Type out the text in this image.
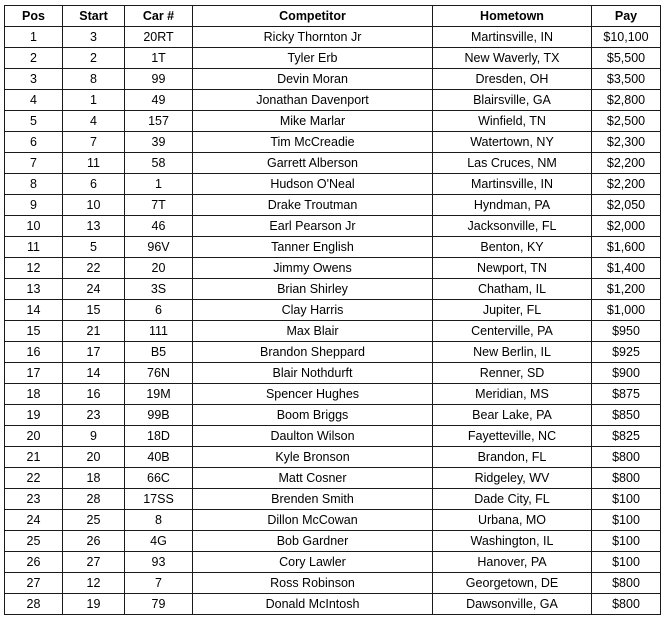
Pos	Start	Car #	Competitor	Hometown	Pay
1	3	20RT	Ricky Thornton Jr	Martinsville, IN	$10,100
2	2	1T	Tyler Erb	New Waverly, TX	$5,500
3	8	99	Devin Moran	Dresden, OH	$3,500
4	1	49	Jonathan Davenport	Blairsville, GA	$2,800
5	4	157	Mike Marlar	Winfield, TN	$2,500
6	7	39	Tim McCreadie	Watertown, NY	$2,300
7	11	58	Garrett Alberson	Las Cruces, NM	$2,200
8	6	1	Hudson O'Neal	Martinsville, IN	$2,200
9	10	7T	Drake Troutman	Hyndman, PA	$2,050
10	13	46	Earl Pearson Jr	Jacksonville, FL	$2,000
11	5	96V	Tanner English	Benton, KY	$1,600
12	22	20	Jimmy Owens	Newport, TN	$1,400
13	24	3S	Brian Shirley	Chatham, IL	$1,200
14	15	6	Clay Harris	Jupiter, FL	$1,000
15	21	111	Max Blair	Centerville, PA	$950
16	17	B5	Brandon Sheppard	New Berlin, IL	$925
17	14	76N	Blair Nothdurft	Renner, SD	$900
18	16	19M	Spencer Hughes	Meridian, MS	$875
19	23	99B	Boom Briggs	Bear Lake, PA	$850
20	9	18D	Daulton Wilson	Fayetteville, NC	$825
21	20	40B	Kyle Bronson	Brandon, FL	$800
22	18	66C	Matt Cosner	Ridgeley, WV	$800
23	28	17SS	Brenden Smith	Dade City, FL	$100
24	25	8	Dillon McCowan	Urbana, MO	$100
25	26	4G	Bob Gardner	Washington, IL	$100
26	27	93	Cory Lawler	Hanover, PA	$100
27	12	7	Ross Robinson	Georgetown, DE	$800
28	19	79	Donald McIntosh	Dawsonville, GA	$800
